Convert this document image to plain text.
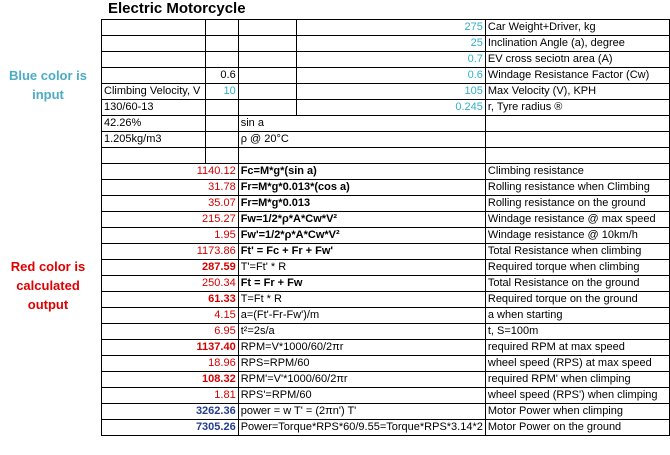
Electric Motorcycle
Blue color is input
Red color is calculated output
			275	Car Weight+Driver, kg
			25	Inclination Angle (a), degree
			0.7	EV cross seciotn area (A)
	0.6		0.6	Windage Resistance Factor (Cw)
Climbing Velocity, V	10		105	Max Velocity (V), KPH
130/60-13			0.245	r, Tyre radius ®
42.26%		sin a		
1.205kg/m3		ρ @ 20°C		

1140.12		Fc=M*g*(sin a)		Climbing resistance
31.78		Fr=M*g*0.013*(cos a)		Rolling resistance when Climbing
35.07		Fr=M*g*0.013		Rolling resistance on the ground
215.27		Fw=1/2*ρ*A*Cw*V²		Windage resistance @ max speed
1.95		Fw'=1/2*ρ*A*Cw*V²		Windage resistance @ 10km/h
1173.86		Ft' = Fc + Fr + Fw'		Total Resistance when climbing
287.59		T'=Ft' * R		Required torque when climbing
250.34		Ft = Fr + Fw		Total Resistance on the ground
61.33		T=Ft * R		Required torque on the ground
4.15		a=(Ft'-Fr-Fw')/m		a when starting
6.95		t²=2s/a		t, S=100m
1137.40		RPM=V*1000/60/2πr		required RPM at max speed
18.96		RPS=RPM/60		wheel speed (RPS) at max speed
108.32		RPM'=V'*1000/60/2πr		required RPM' when climping
1.81		RPS'=RPM/60		wheel speed (RPS') when climping
3262.36		power = w T' = (2πn') T'		Motor Power when climping
7305.26		Power=Torque*RPS*60/9.55=Torque*RPS*3.14*2		Motor Power on the ground
